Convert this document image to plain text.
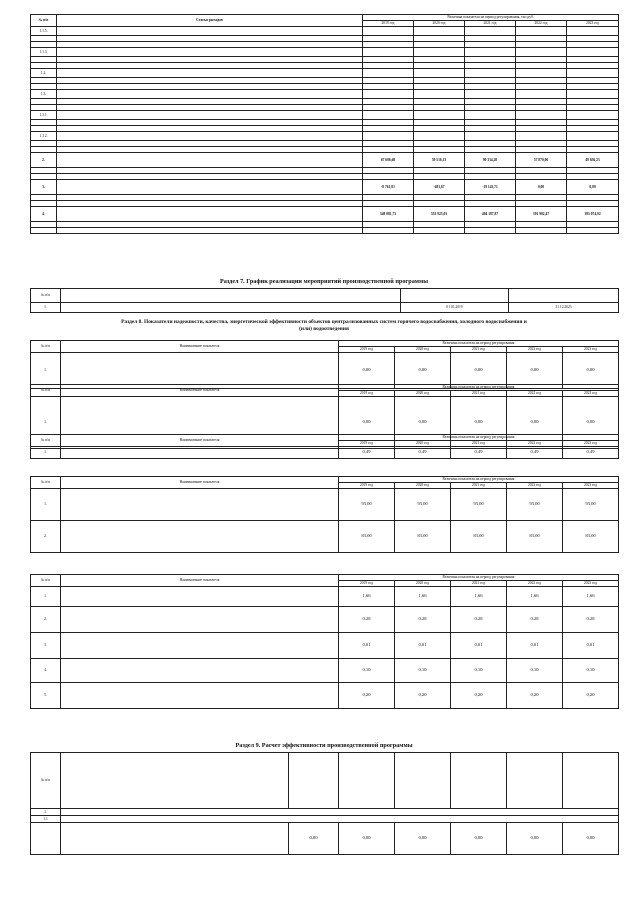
№ п/п	Статья расходов	Величина показателя на период регулирования, тыс.руб.				
		2019 год	2020 год	2021 год	2022 год	2023 год
1.1.5.						

1.1.3.						

1.2.						

1.3.						

1.3.1.						

1.3.2.						

2.		67 606,68	59 516,13	90 334,20	57 870,06	49 656,23

3.		-9 761,81	-481,67	-19 143,71	0,00	0,00

4.		348 081,73	353 923,03	404 187,87	391 902,47	395 074,92

Раздел 7. График реализации мероприятий производственной программы
№ п/п			
1.		01.01.2019	31.12.2023
Раздел 8. Показатели надежности, качества, энергетической эффективности объектов централизованных систем горячего водоснабжения, холодного водоснабжения и
(или) водоотведения
№ п/п	Наименование показателя	Величина показателя на период регулирования				
		2019 год	2020 год	2021 год	2022 год	2023 год
1.		0,00	0,00	0,00	0,00	0,00
№ п/п	Наименование показателя	Величина показателя на период регулирования				
		2019 год	2020 год	2021 год	2022 год	2023 год
1.		0,00	0,00	0,00	0,00	0,00
№ п/п	Наименование показателя	Величина показателя на период регулирования				
		2019 год	2020 год	2021 год	2022 год	2023 год
1.		0,49	0,49	0,49	0,49	0,49
№ п/п	Наименование показателя	Величина показателя на период регулирования				
		2019 год	2020 год	2021 год	2022 год	2023 год
1.		93,00	93,00	93,00	93,00	93,00
2.		83,00	83,00	83,00	83,00	83,00
№ п/п	Наименование показателя	Величина показателя на период регулирования				
		2019 год	2020 год	2021 год	2022 год	2023 год
1.		1,66	1,66	1,66	1,66	1,66
2.		0,28	0,28	0,28	0,28	0,28
3.		0,01	0,01	0,01	0,01	0,01
4.		0,10	0,10	0,10	0,10	0,10
5.		0,20	0,20	0,20	0,20	0,20
Раздел 9. Расчет эффективности производственной программы
№ п/п							
1.							
1.1							
		0,00	0,00	0,00	0,00	0,00	0,00
